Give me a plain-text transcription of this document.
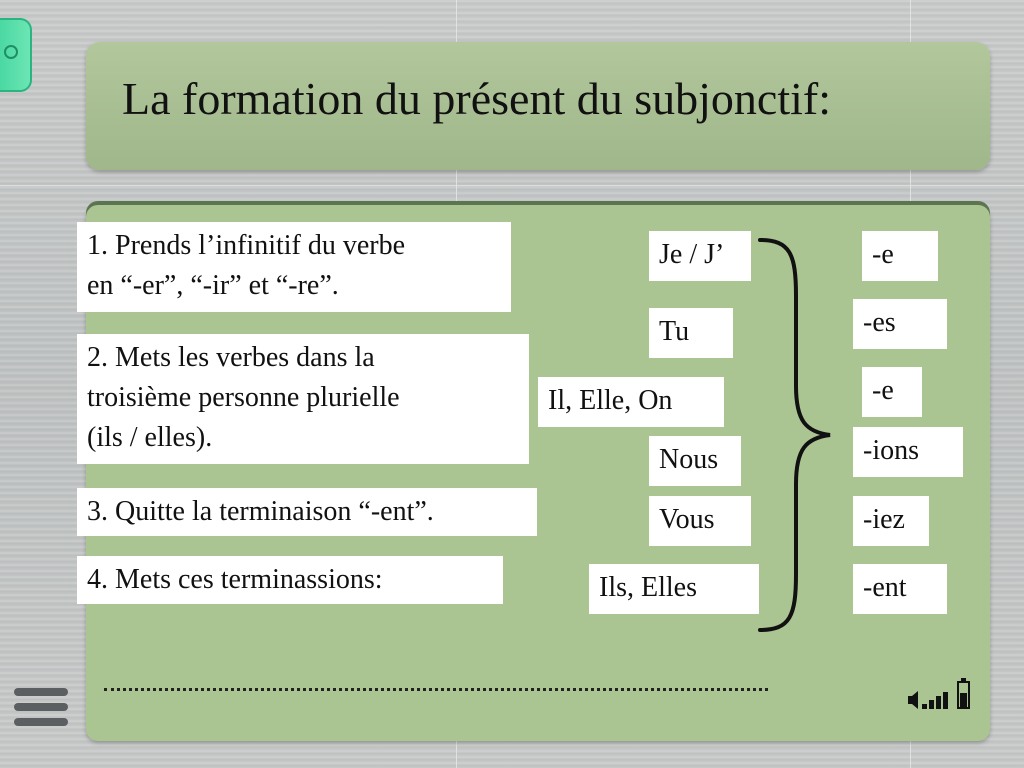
La formation du présent du subjonctif:
1. Prends l’infinitif du verbe
en “-er”, “-ir” et “-re”.
2. Mets les verbes dans la
troisième personne plurielle
(ils / elles).
3. Quitte la terminaison “-ent”.
4. Mets ces terminassions:
Je / J’
Tu
Il, Elle, On
Nous
Vous
Ils, Elles
-e
-es
-e
-ions
-iez
-ent
